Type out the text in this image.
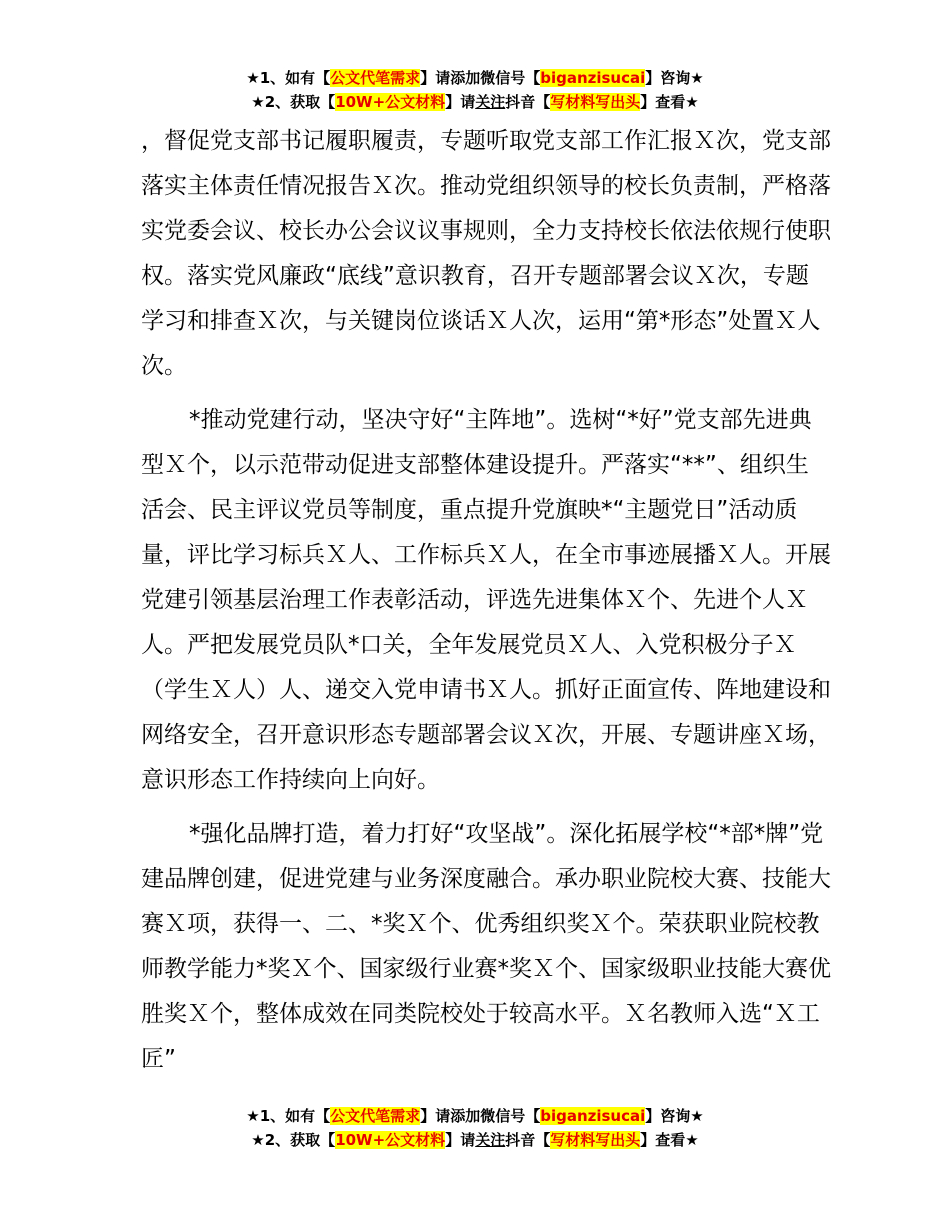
★1、如有【公文代笔需求】请添加微信号【biganzisucai】咨询★
★2、获取【10W+公文材料】请关注抖音【写材料写出头】查看★

，督促党支部书记履职履责，专题听取党支部工作汇报Ｘ次，党支部落实主体责任情况报告Ｘ次。推动党组织领导的校长负责制，严格落实党委会议、校长办公会议议事规则，全力支持校长依法依规行使职权。落实党风廉政“底线”意识教育，召开专题部署会议Ｘ次，专题学习和排查Ｘ次，与关键岗位谈话Ｘ人次，运用“第*形态”处置Ｘ人次。

*推动党建行动，坚决守好“主阵地”。选树“*好”党支部先进典型Ｘ个，以示范带动促进支部整体建设提升。严落实“**”、组织生活会、民主评议党员等制度，重点提升党旗映*“主题党日”活动质量，评比学习标兵Ｘ人、工作标兵Ｘ人，在全市事迹展播Ｘ人。开展党建引领基层治理工作表彰活动，评选先进集体Ｘ个、先进个人Ｘ人。严把发展党员队*口关，全年发展党员Ｘ人、入党积极分子Ｘ（学生Ｘ人）人、递交入党申请书Ｘ人。抓好正面宣传、阵地建设和网络安全，召开意识形态专题部署会议Ｘ次，开展、专题讲座Ｘ场，意识形态工作持续向上向好。

*强化品牌打造，着力打好“攻坚战”。深化拓展学校“*部*牌”党建品牌创建，促进党建与业务深度融合。承办职业院校大赛、技能大赛Ｘ项，获得一、二、*奖Ｘ个、优秀组织奖Ｘ个。荣获职业院校教师教学能力*奖Ｘ个、国家级行业赛*奖Ｘ个、国家级职业技能大赛优胜奖Ｘ个，整体成效在同类院校处于较高水平。Ｘ名教师入选“Ｘ工匠”

★1、如有【公文代笔需求】请添加微信号【biganzisucai】咨询★
★2、获取【10W+公文材料】请关注抖音【写材料写出头】查看★
